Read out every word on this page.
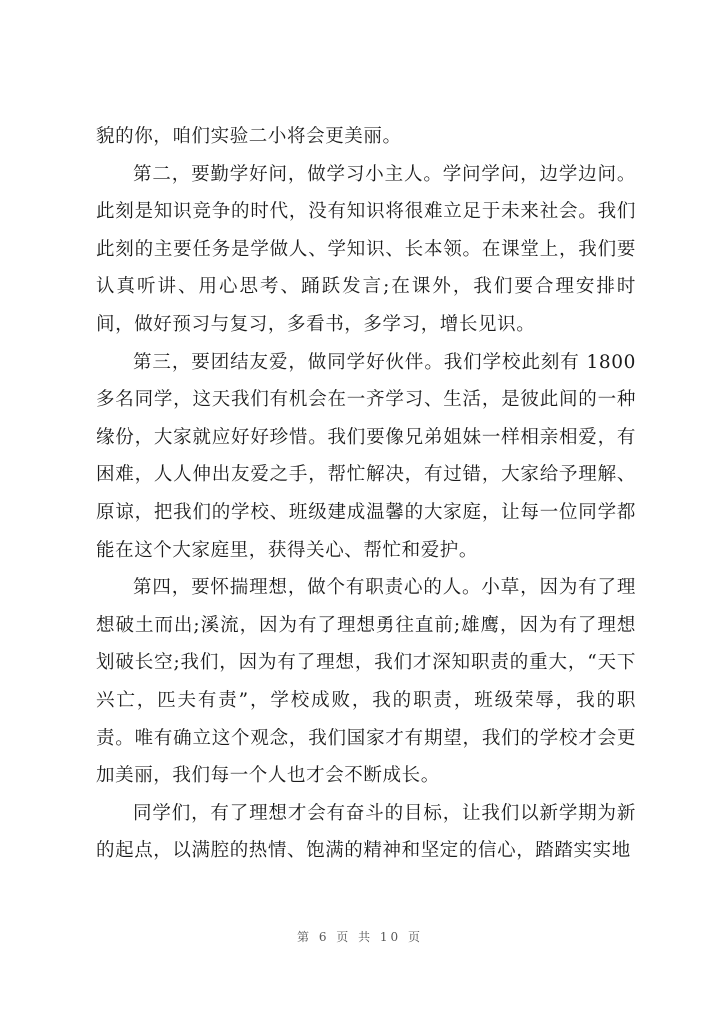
貌的你，咱们实验二小将会更美丽。

第二，要勤学好问，做学习小主人。学问学问，边学边问。此刻是知识竞争的时代，没有知识将很难立足于未来社会。我们此刻的主要任务是学做人、学知识、长本领。在课堂上，我们要认真听讲、用心思考、踊跃发言;在课外，我们要合理安排时间，做好预习与复习，多看书，多学习，增长见识。

第三，要团结友爱，做同学好伙伴。我们学校此刻有 1800 多名同学，这天我们有机会在一齐学习、生活，是彼此间的一种缘份，大家就应好好珍惜。我们要像兄弟姐妹一样相亲相爱，有困难，人人伸出友爱之手，帮忙解决，有过错，大家给予理解、原谅，把我们的学校、班级建成温馨的大家庭，让每一位同学都能在这个大家庭里，获得关心、帮忙和爱护。

第四，要怀揣理想，做个有职责心的人。小草，因为有了理想破土而出;溪流，因为有了理想勇往直前;雄鹰，因为有了理想划破长空;我们，因为有了理想，我们才深知职责的重大，“天下兴亡，匹夫有责”，学校成败，我的职责，班级荣辱，我的职责。唯有确立这个观念，我们国家才有期望，我们的学校才会更加美丽，我们每一个人也才会不断成长。

同学们，有了理想才会有奋斗的目标，让我们以新学期为新的起点，以满腔的热情、饱满的精神和坚定的信心，踏踏实实地

第 6 页 共 10 页
